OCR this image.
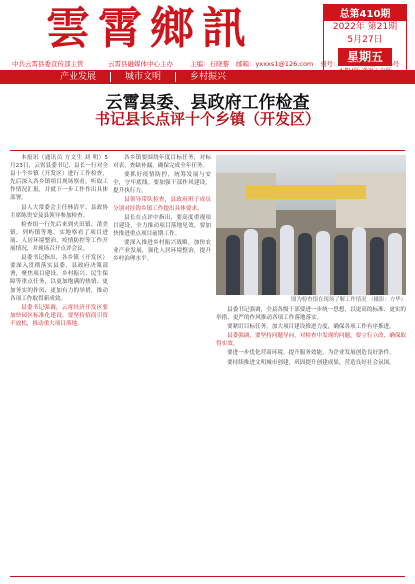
雲霄鄉訊	总第410期
2022年 第21期
5月27日
星期五
中共云霄县委宣传部主管	云霄县融媒体中心主办	主编：石晓黎 邮箱：yxxxs1@126.com 刊号：CN-35(Q)第0026号
产业发展	城市文明	乡村振兴
云霄县委、县政府工作检查
书记县长点评十个乡镇（开发区）

本报讯（通讯员 方文生 刘 明）5月23日，云霄县委书记、县长一行对全县十个乡镇（开发区）进行工作检查，先后深入各乡镇项目现场察看，听取工作情况汇报，并就下一步工作作出具体部署。

县人大常委会主任林清平、县政协主席陈贵安及县领导参加检查。

检查组一行先后来到火田镇、莆美镇、列屿镇等地，实地察看了项目进展、人居环境整治、疫情防控等工作开展情况，并现场召开点评会议。

县委书记指出，各乡镇（开发区）要深入贯彻落实县委、县政府决策部署，聚焦项目建设、乡村振兴、民生保障等重点任务，以更加饱满的热情、更加务实的作风、更加有力的举措，推动各项工作取得新成效。

县委书记强调，云霄经济开发区要加快园区标准化建设，要坚持招商引资不放松，推动重大项目落地。

各乡镇要围绕年度目标任务，对标对表，查缺补漏，确保完成全年任务。

要抓好疫情防控，统筹发展与安全，守牢底线。要加强干部作风建设，提升执行力。

县领导带队检查，县政府班子成员分别对挂钩乡镇工作提出具体要求。

县长在点评中指出，要高度重视项目建设，全力推动项目落地见效，要加快推进重点项目前期工作。

要深入推进乡村振兴战略，加快农业产业发展，强化人居环境整治，提升乡村治理水平。

图为检查组在现场了解工作情况 （摄影：方华）

县委书记强调，全县各级干部要进一步统一思想，以更高的标准、更实的举措、更严的作风推动各项工作落地落实。

要紧盯目标任务，加大项目建设推进力度，确保各项工作有序推进。

县委强调，要坚持问题导向，对检查中发现的问题，要立行立改，确保取得实效。

要进一步优化营商环境，提升服务效能，为企业发展创造良好条件。

要持续推进文明城市创建，巩固提升创建成果，营造良好社会氛围。
